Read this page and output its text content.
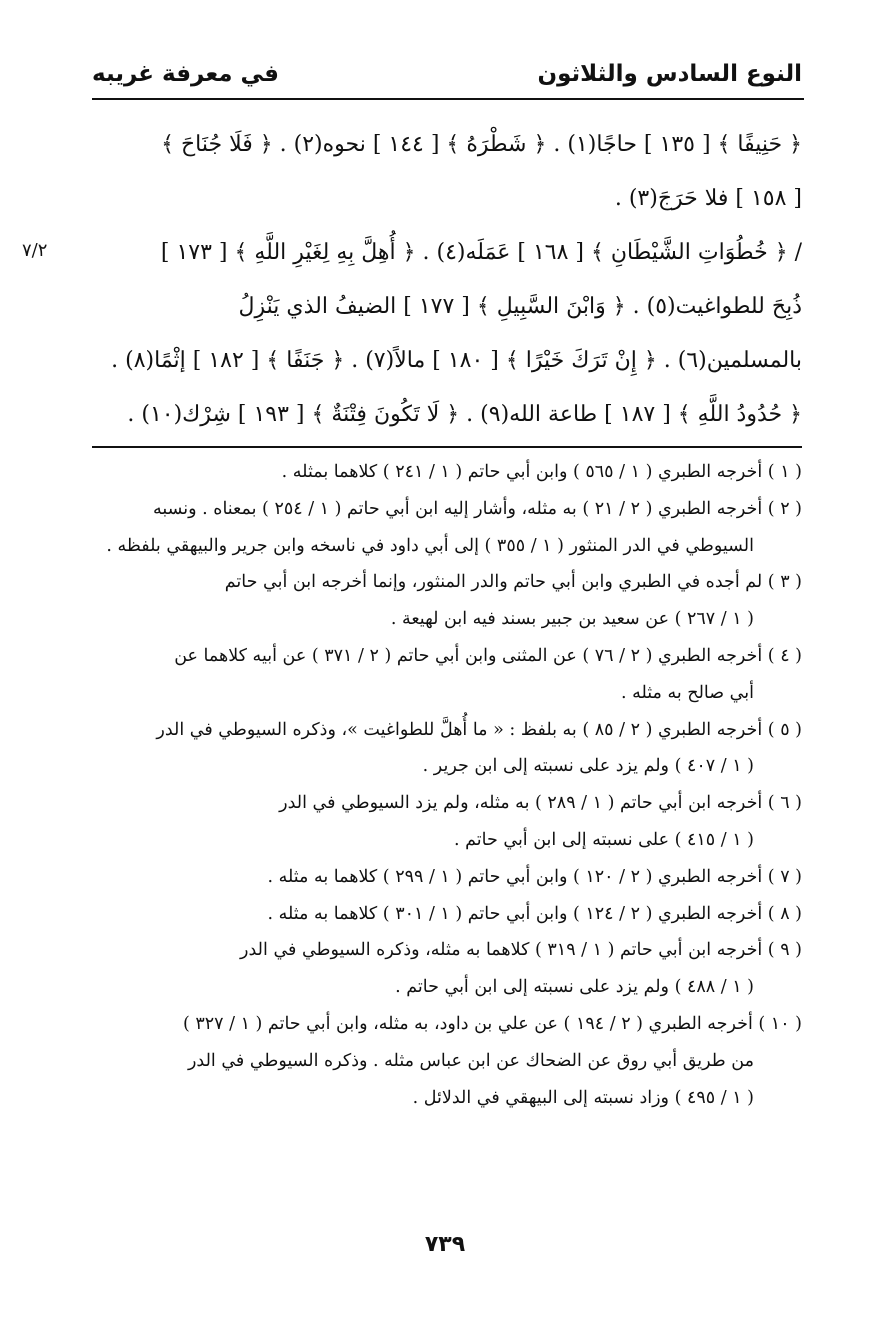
النوع السادس والثلاثون
في معرفة غريبه
٧/٢
﴿ حَنِيفًا ﴾ [ ١٣٥ ] حاجًا(١) . ﴿ شَطْرَهُ ﴾ [ ١٤٤ ] نحوه(٢) . ﴿ فَلَا جُنَاحَ ﴾
[ ١٥٨ ] فلا حَرَجَ(٣) .
/ ﴿ خُطُوَاتِ الشَّيْطَانِ ﴾ [ ١٦٨ ] عَمَلَه(٤) . ﴿ أُهِلَّ بِهِ لِغَيْرِ اللَّهِ ﴾ [ ١٧٣ ]
ذُبِحَ للطواغيت(٥) . ﴿ وَابْنَ السَّبِيلِ ﴾ [ ١٧٧ ] الضيفُ الذي يَنْزِلُ
بالمسلمين(٦) . ﴿ إِنْ تَرَكَ خَيْرًا ﴾ [ ١٨٠ ] مالاً(٧) . ﴿ جَنَفًا ﴾ [ ١٨٢ ] إثْمًا(٨) .
﴿ حُدُودُ اللَّهِ ﴾ [ ١٨٧ ] طاعة الله(٩) . ﴿ لَا تَكُونَ فِتْنَةٌ ﴾ [ ١٩٣ ] شِرْك(١٠) .
( ١ ) أخرجه الطبري ( ١ / ٥٦٥ ) وابن أبي حاتم ( ١ / ٢٤١ ) كلاهما بمثله .
( ٢ ) أخرجه الطبري ( ٢ / ٢١ ) به مثله، وأشار إليه ابن أبي حاتم ( ١ / ٢٥٤ ) بمعناه . ونسبه
السيوطي في الدر المنثور ( ١ / ٣٥٥ ) إلى أبي داود في ناسخه وابن جرير والبيهقي بلفظه .
( ٣ ) لم أجده في الطبري وابن أبي حاتم والدر المنثور، وإنما أخرجه ابن أبي حاتم
( ١ / ٢٦٧ ) عن سعيد بن جبير بسند فيه ابن لهيعة .
( ٤ ) أخرجه الطبري ( ٢ / ٧٦ ) عن المثنى وابن أبي حاتم ( ٢ / ٣٧١ ) عن أبيه كلاهما عن
أبي صالح به مثله .
( ٥ ) أخرجه الطبري ( ٢ / ٨٥ ) به بلفظ : « ما أُهلَّ للطواغيت »، وذكره السيوطي في الدر
( ١ / ٤٠٧ ) ولم يزد على نسبته إلى ابن جرير .
( ٦ ) أخرجه ابن أبي حاتم ( ١ / ٢٨٩ ) به مثله، ولم يزد السيوطي في الدر
( ١ / ٤١٥ ) على نسبته إلى ابن أبي حاتم .
( ٧ ) أخرجه الطبري ( ٢ / ١٢٠ ) وابن أبي حاتم ( ١ / ٢٩٩ ) كلاهما به مثله .
( ٨ ) أخرجه الطبري ( ٢ / ١٢٤ ) وابن أبي حاتم ( ١ / ٣٠١ ) كلاهما به مثله .
( ٩ ) أخرجه ابن أبي حاتم ( ١ / ٣١٩ ) كلاهما به مثله، وذكره السيوطي في الدر
( ١ / ٤٨٨ ) ولم يزد على نسبته إلى ابن أبي حاتم .
( ١٠ ) أخرجه الطبري ( ٢ / ١٩٤ ) عن علي بن داود، به مثله، وابن أبي حاتم ( ١ / ٣٢٧ )
من طريق أبي روق عن الضحاك عن ابن عباس مثله . وذكره السيوطي في الدر
( ١ / ٤٩٥ ) وزاد نسبته إلى البيهقي في الدلائل .
٧٣٩
